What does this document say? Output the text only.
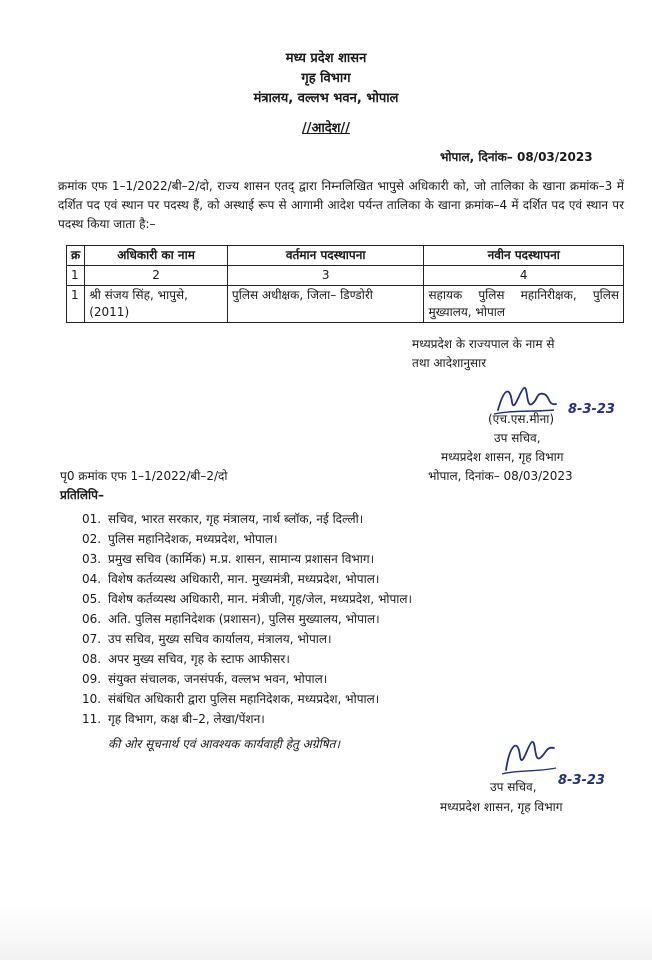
मध्य प्रदेश शासन
गृह विभाग
मंत्रालय, वल्लभ भवन, भोपाल
//आदेश//
भोपाल, दिनांक– 08/03/2023
क्रमांक एफ 1–1/2022/बी–2/दो, राज्य शासन एतद् द्वारा निम्नलिखित भापुसे अधिकारी को, जो तालिका के खाना क्रमांक–3 में दर्शित पद एवं स्थान पर पदस्थ हैं, को अस्थाई रूप से आगामी आदेश पर्यन्त तालिका के खाना क्रमांक–4 में दर्शित पद एवं स्थान पर पदस्थ किया जाता है:–
क्र	अधिकारी का नाम	वर्तमान पदस्थापना	नवीन पदस्थापना
1	2	3	4
1	श्री संजय सिंह, भापुसे, (2011)	पुलिस अधीक्षक, जिला– डिण्डोरी	सहायक पुलिस महानिरीक्षक, पुलिस मुख्यालय, भोपाल
मध्यप्रदेश के राज्यपाल के नाम से
तथा आदेशानुसार
8-3-23
(एच.एस.मीना)
उप सचिव,
मध्यप्रदेश शासन, गृह विभाग
पृ0 क्रमांक एफ 1–1/2022/बी–2/दो	भोपाल, दिनांक– 08/03/2023
प्रतिलिपि–
01. सचिव, भारत सरकार, गृह मंत्रालय, नार्थ ब्लॉक, नई दिल्ली।
02. पुलिस महानिदेशक, मध्यप्रदेश, भोपाल।
03. प्रमुख सचिव (कार्मिक) म.प्र. शासन, सामान्य प्रशासन विभाग।
04. विशेष कर्तव्यस्थ अधिकारी, मान. मुख्यमंत्री, मध्यप्रदेश, भोपाल।
05. विशेष कर्तव्यस्थ अधिकारी, मान. मंत्रीजी, गृह/जेल, मध्यप्रदेश, भोपाल।
06. अति. पुलिस महानिदेशक (प्रशासन), पुलिस मुख्यालय, भोपाल।
07. उप सचिव, मुख्य सचिव कार्यालय, मंत्रालय, भोपाल।
08. अपर मुख्य सचिव, गृह के स्टाफ आफीसर।
09. संयुक्त संचालक, जनसंपर्क, वल्लभ भवन, भोपाल।
10. संबंधित अधिकारी द्वारा पुलिस महानिदेशक, मध्यप्रदेश, भोपाल।
11. गृह विभाग, कक्ष बी–2, लेखा/पेंशन।
की ओर सूचनार्थ एवं आवश्यक कार्यवाही हेतु अग्रेषित।
8-3-23
उप सचिव,
मध्यप्रदेश शासन, गृह विभाग
